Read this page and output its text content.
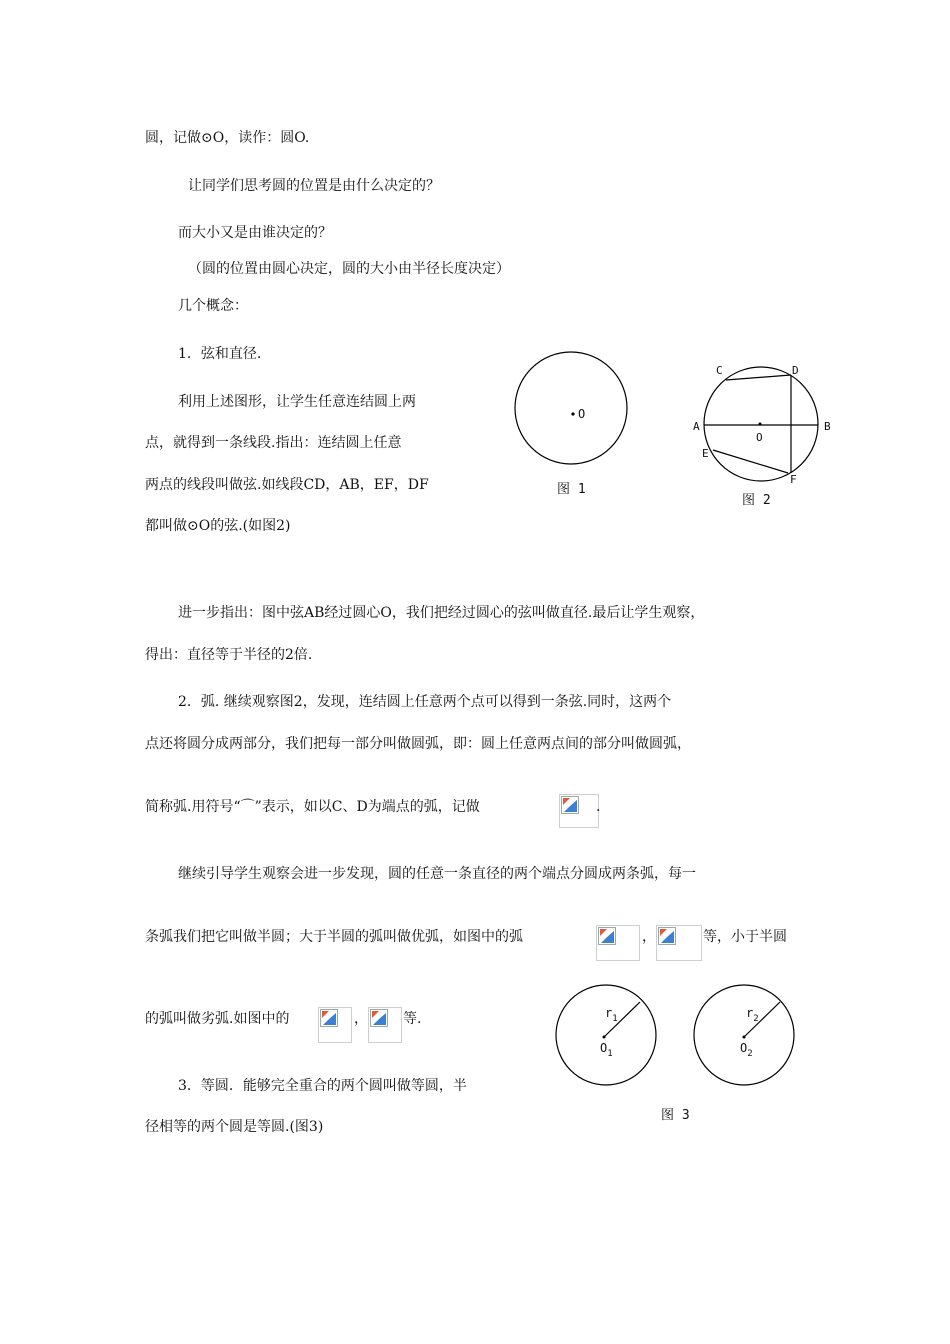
圆，记做⊙O，读作：圆O.
让同学们思考圆的位置是由什么决定的？
而大小又是由谁决定的？
（圆的位置由圆心决定，圆的大小由半径长度决定）
几个概念：
1．弦和直径.
利用上述图形，让学生任意连结圆上两
点，就得到一条线段.指出：连结圆上任意
两点的线段叫做弦.如线段CD，AB，EF，DF
都叫做⊙O的弦.(如图2)
O
图 1
C	D
A	B
O
E
F
图 2
进一步指出：图中弦AB经过圆心O，我们把经过圆心的弦叫做直径.最后让学生观察，
得出：直径等于半径的2倍.
2．弧. 继续观察图2，发现，连结圆上任意两个点可以得到一条弦.同时，这两个
点还将圆分成两部分，我们把每一部分叫做圆弧，即：圆上任意两点间的部分叫做圆弧，
简称弧.用符号“⌒”表示，如以C、D为端点的弧，记做	.
继续引导学生观察会进一步发现，圆的任意一条直径的两个端点分圆成两条弧，每一
条弧我们把它叫做半圆；大于半圆的弧叫做优弧，如图中的弧	，	等，小于半圆
的弧叫做劣弧.如图中的	，	等.
3．等圆．能够完全重合的两个圆叫做等圆，半
径相等的两个圆是等圆.(图3)
$r_1$
$O_1$
$r_2$
$O_2$
图 3
